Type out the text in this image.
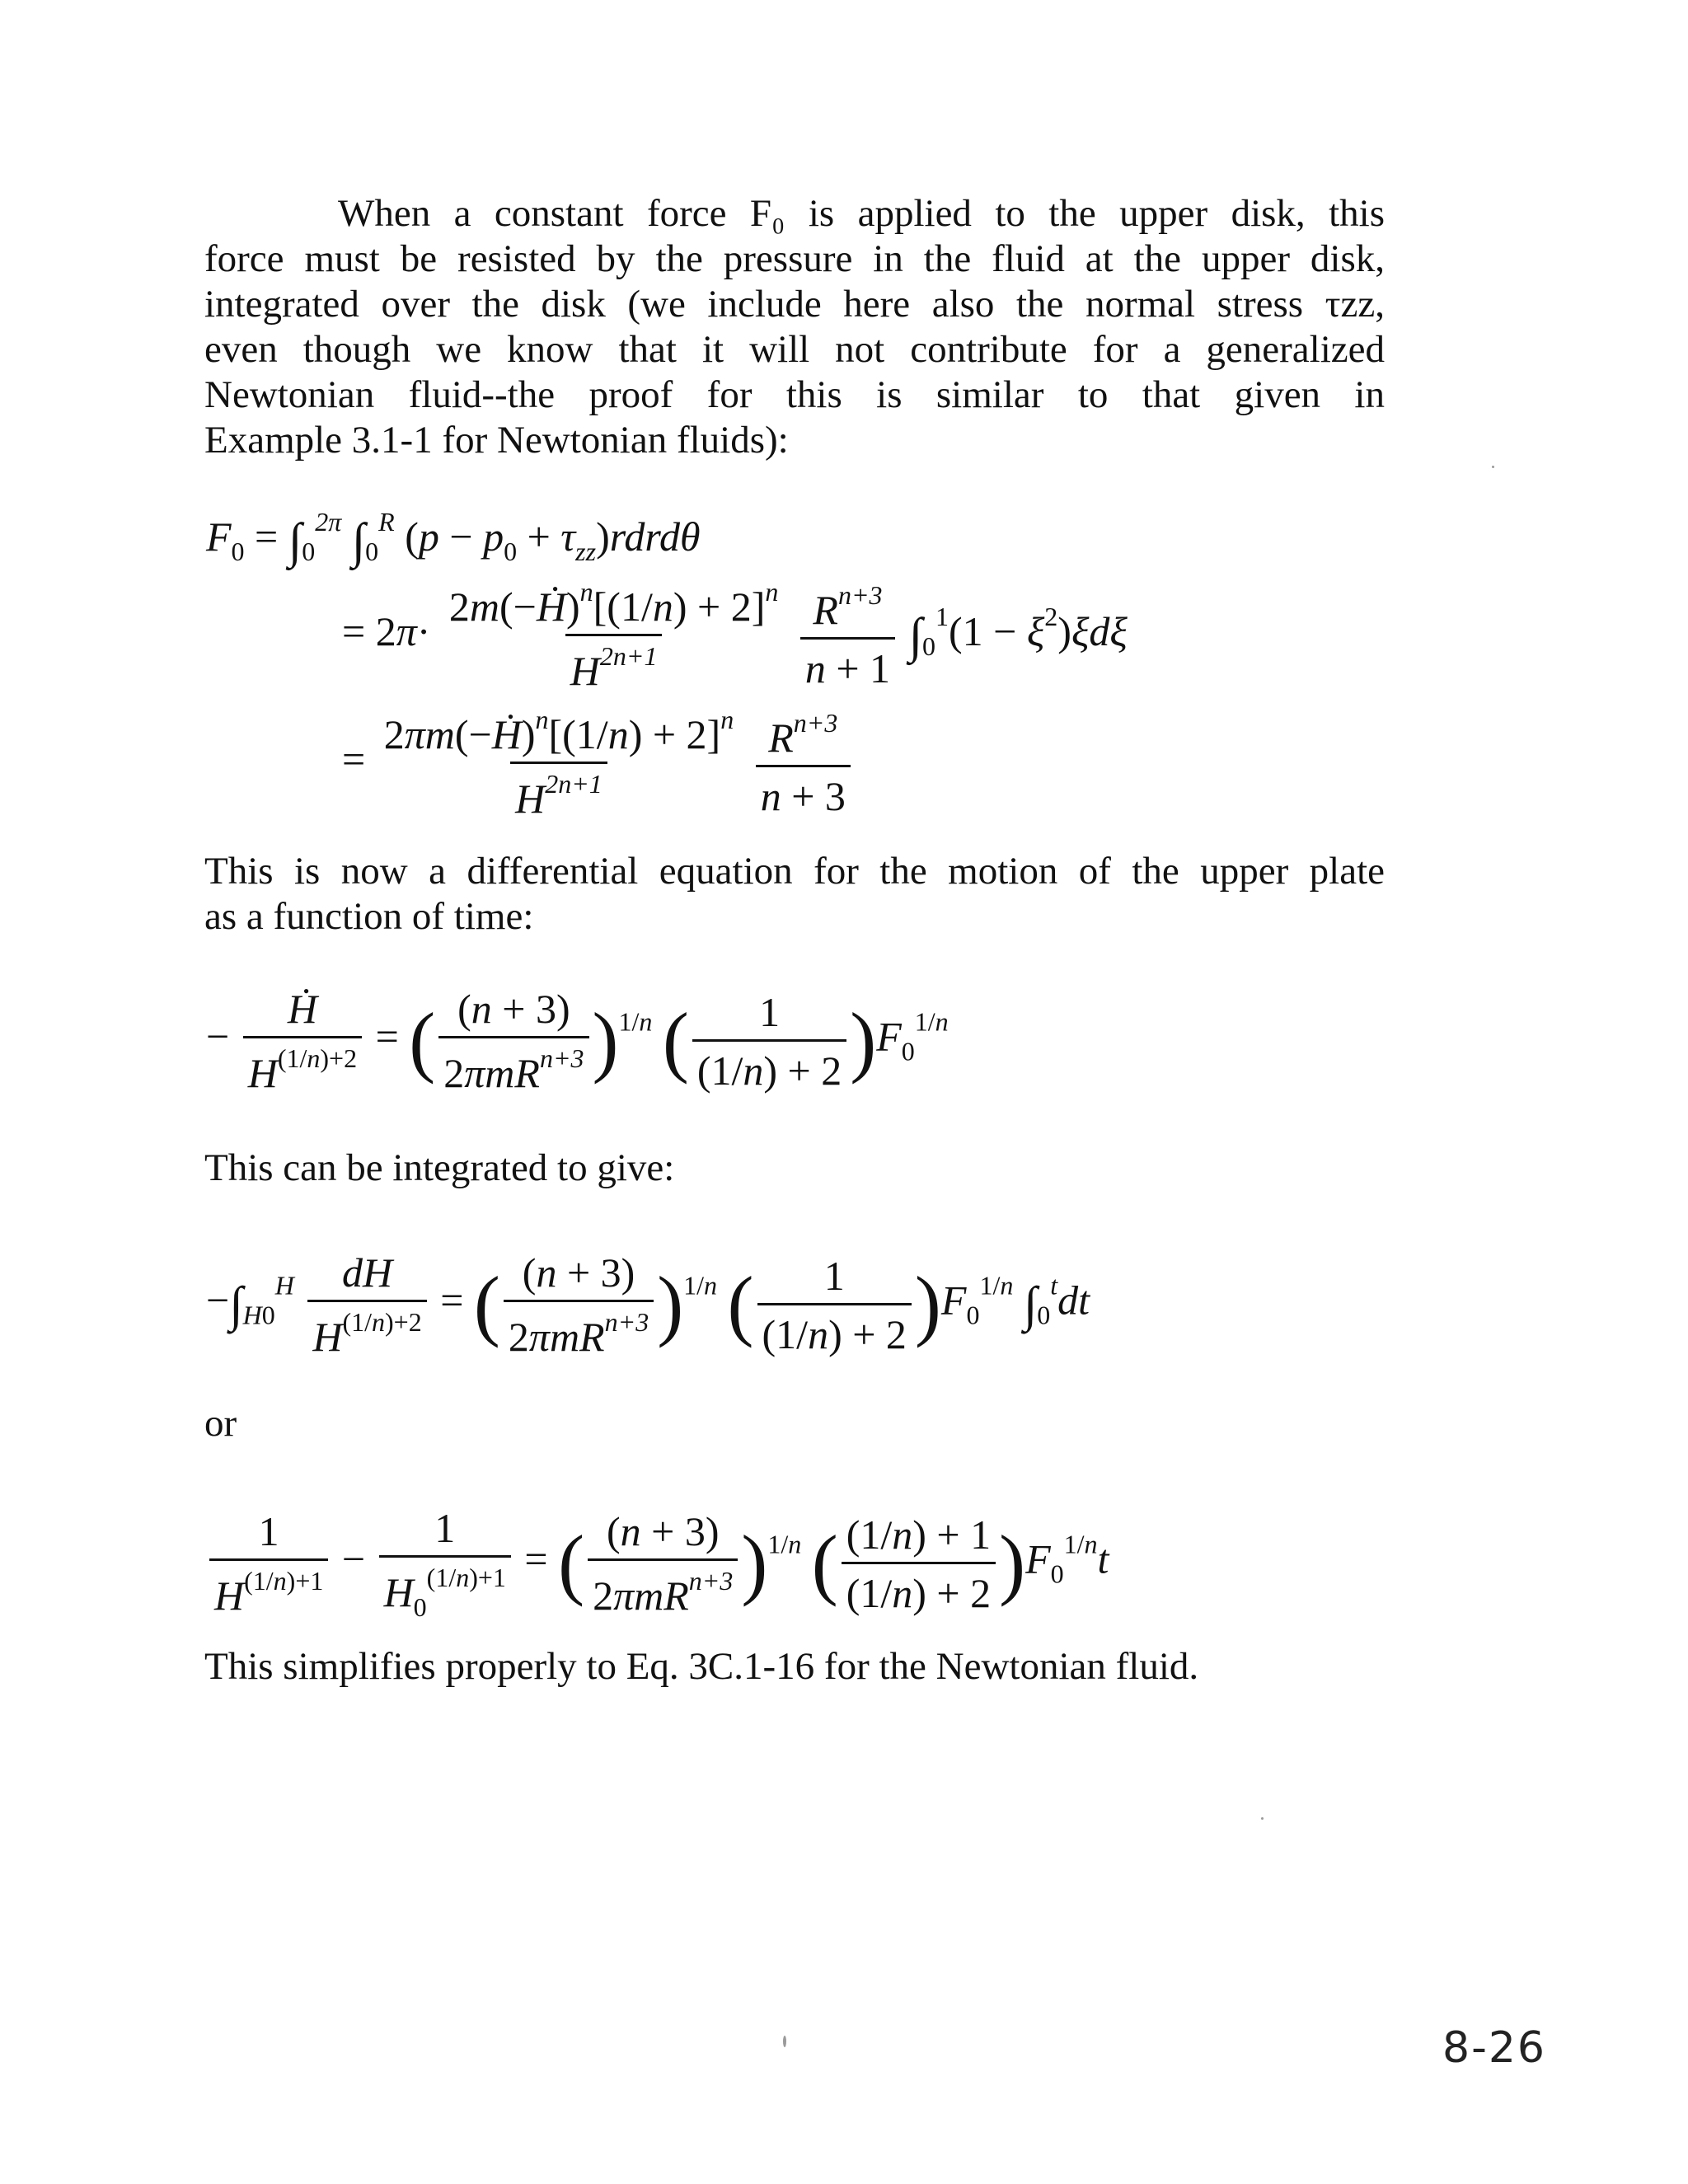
When a constant force F₀ is applied to the upper disk, this
force must be resisted by the pressure in the fluid at the upper disk,
integrated over the disk (we include here also the normal stress τzz,
even though we know that it will not contribute for a generalized
Newtonian fluid--the proof for this is similar to that given in
Example 3.1-1 for Newtonian fluids):
$F_0 = \int_0^{2\pi}$ $\int_0^R$ ($p - p_0$ + $\tau_{zz})rdrd\theta$
= $2\pi\cdot \frac{2m(-Ḣ)^n[(1/n) + 2]^n}{H^{2n+1}}$
$\frac{R^{n+3}}{n + 1} \int_0^1(1 - \xi^2)\xi d\xi$
= $\frac{2\pi m(-Ḣ)^n[(1/n) + 2]^n}{H^{2n+1}}$
$\frac{R^{n+3}}{n + 3}$
This is now a differential equation for the motion of the upper plate
as a function of time:
− $\frac{\text{Ḣ}}{H^{(1/n)+2}}$ = ( $\frac{(n + 3)}{2\pi mR^{n+3}} )^{1/n}$ ( $\frac{1}{(1/n) + 2} )F_0^{1/n}$
This can be integrated to give:
$-\int_{H0}^H \frac{dH}{H^{(1/n)+2}}$ = ( $\frac{(n + 3)}{2\pi mR^{n+3}} )^{1/n}$ ( $\frac{1}{(1/n) + 2} )F_0^{1/n}$ $\int_0^tdt$
or
$\frac{1}{H^{(1/n)+1}} - \frac{1}{H_0^{(1/n)+1}}$ = ( $\frac{(n + 3)}{2\pi mR^{n+3}} )^{1/n}$ ( $\frac{(1/n) + 1}{(1/n) + 2} )F_0^{1/n}t$
This simplifies properly to Eq. 3C.1-16 for the Newtonian fluid.
8-26
